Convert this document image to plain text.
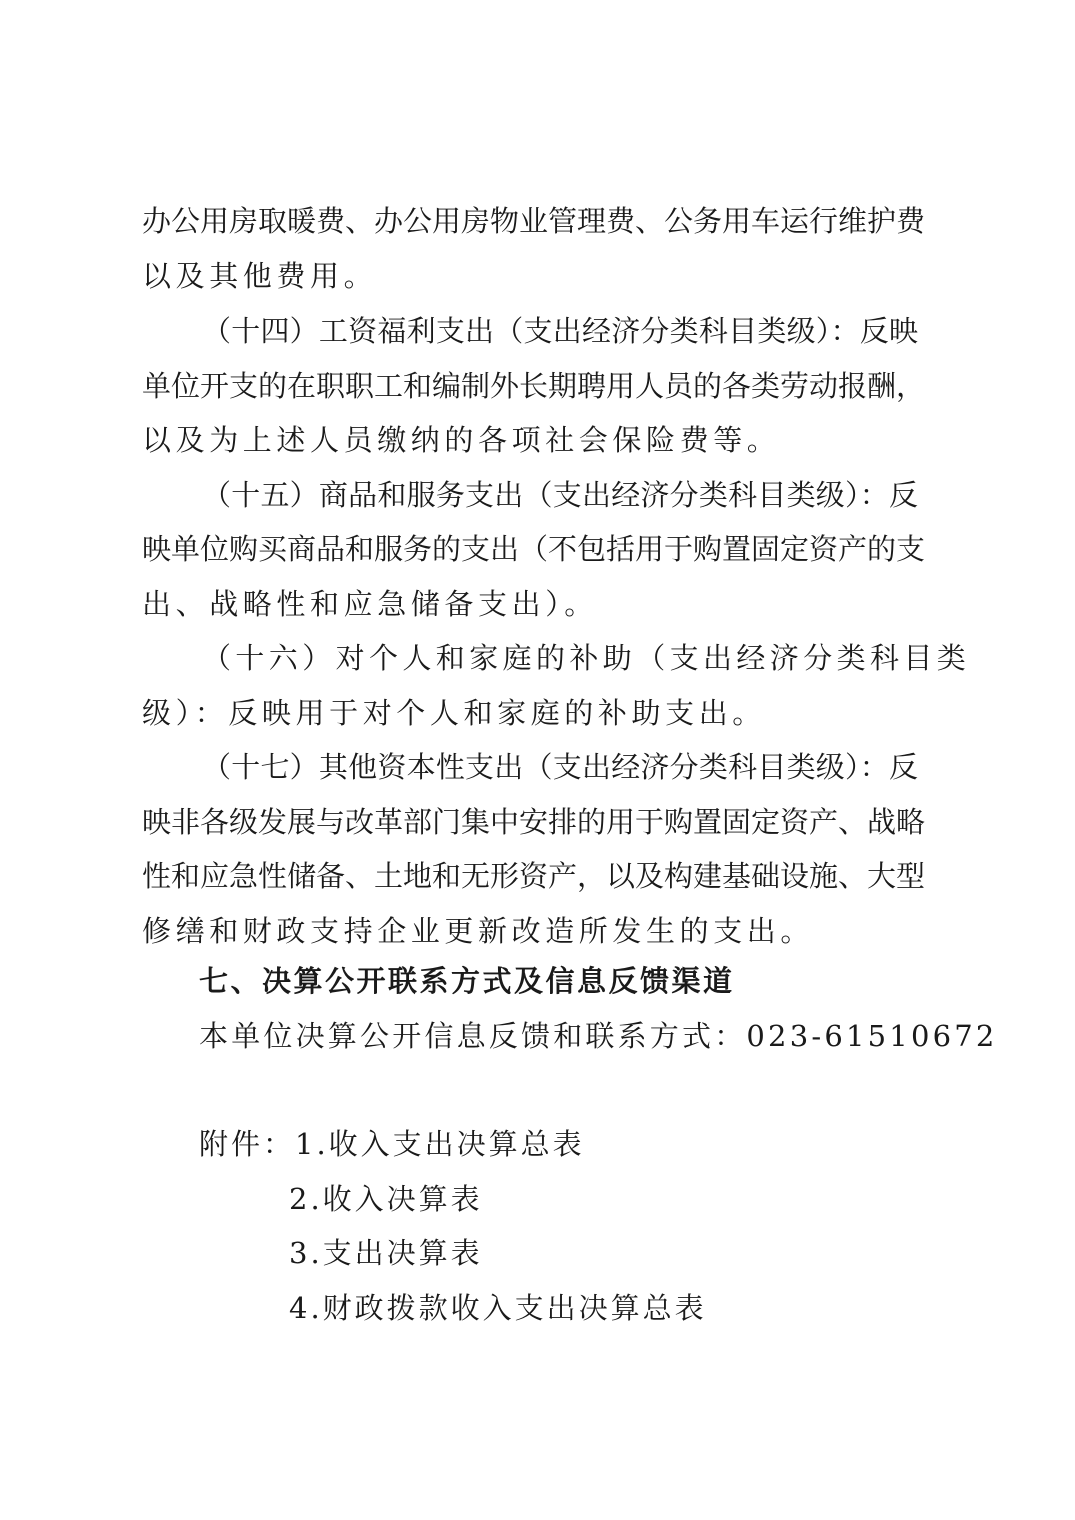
办公用房取暖费、办公用房物业管理费、公务用车运行维护费
以及其他费用。
（十四）工资福利支出（支出经济分类科目类级）：反映
单位开支的在职职工和编制外长期聘用人员的各类劳动报酬，
以及为上述人员缴纳的各项社会保险费等。
（十五）商品和服务支出（支出经济分类科目类级）：反
映单位购买商品和服务的支出（不包括用于购置固定资产的支
出、战略性和应急储备支出）。
（十六）对个人和家庭的补助（支出经济分类科目类
级）：反映用于对个人和家庭的补助支出。
（十七）其他资本性支出（支出经济分类科目类级）：反
映非各级发展与改革部门集中安排的用于购置固定资产、战略
性和应急性储备、土地和无形资产，以及构建基础设施、大型
修缮和财政支持企业更新改造所发生的支出。
七、决算公开联系方式及信息反馈渠道
本单位决算公开信息反馈和联系方式：023-61510672
附件：1.收入支出决算总表
2.收入决算表
3.支出决算表
4.财政拨款收入支出决算总表
